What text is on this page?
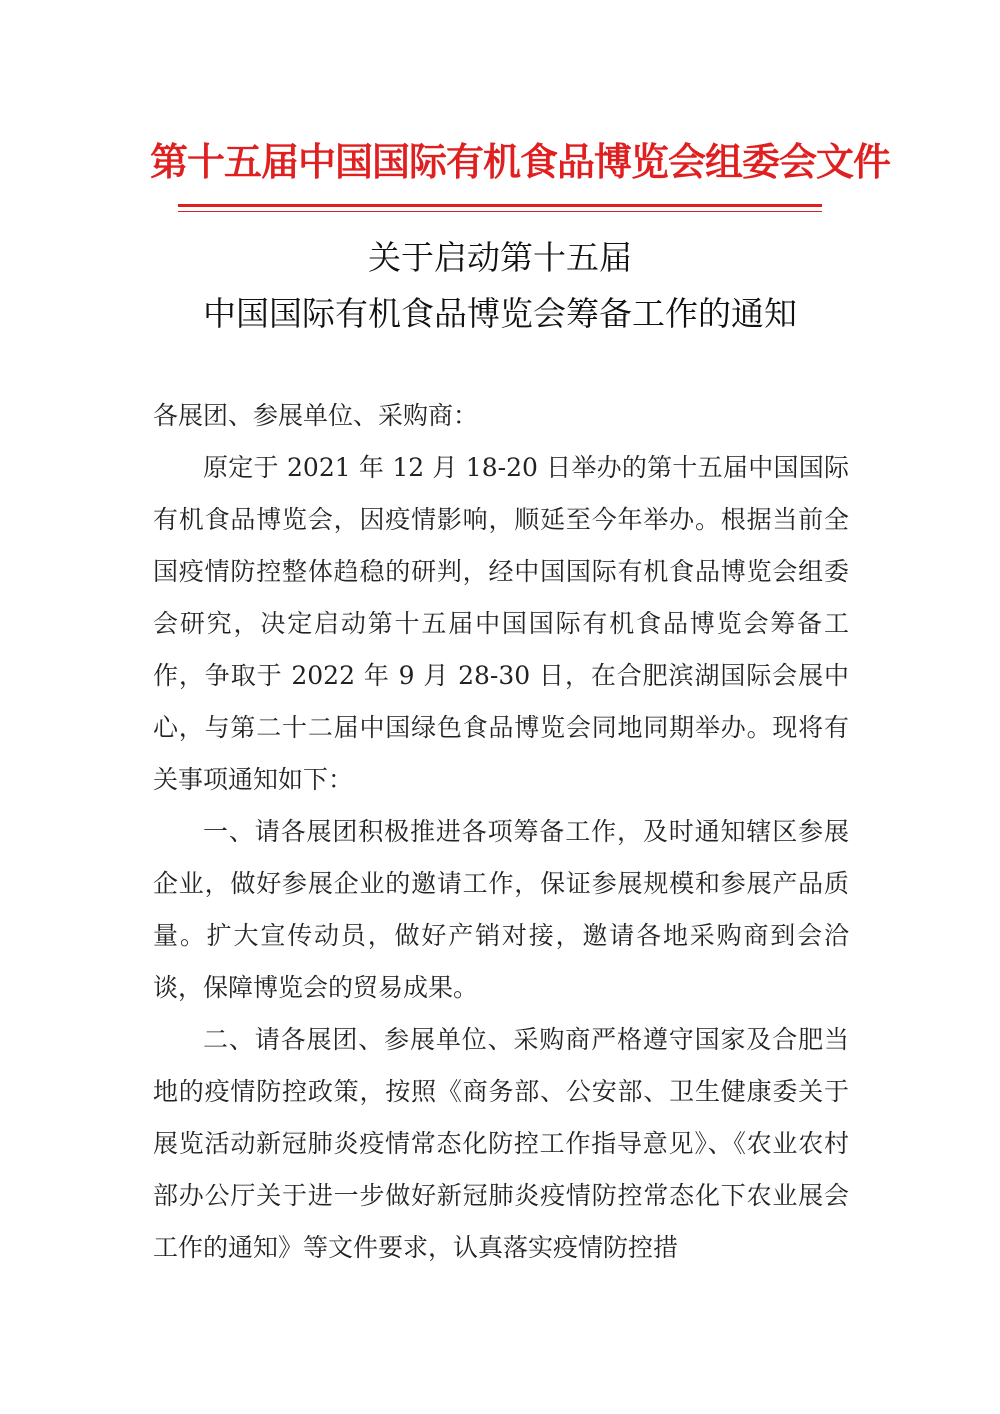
第十五届中国国际有机食品博览会组委会文件
关于启动第十五届
中国国际有机食品博览会筹备工作的通知

各展团、参展单位、采购商：

原定于 2021 年 12 月 18-20 日举办的第十五届中国国际有机食品博览会，因疫情影响，顺延至今年举办。根据当前全国疫情防控整体趋稳的研判，经中国国际有机食品博览会组委会研究，决定启动第十五届中国国际有机食品博览会筹备工作，争取于 2022 年 9 月 28-30 日，在合肥滨湖国际会展中心，与第二十二届中国绿色食品博览会同地同期举办。现将有关事项通知如下：

一、请各展团积极推进各项筹备工作，及时通知辖区参展企业，做好参展企业的邀请工作，保证参展规模和参展产品质量。扩大宣传动员，做好产销对接，邀请各地采购商到会洽谈，保障博览会的贸易成果。

二、请各展团、参展单位、采购商严格遵守国家及合肥当地的疫情防控政策，按照《商务部、公安部、卫生健康委关于展览活动新冠肺炎疫情常态化防控工作指导意见》、《农业农村部办公厅关于进一步做好新冠肺炎疫情防控常态化下农业展会工作的通知》等文件要求，认真落实疫情防控措
